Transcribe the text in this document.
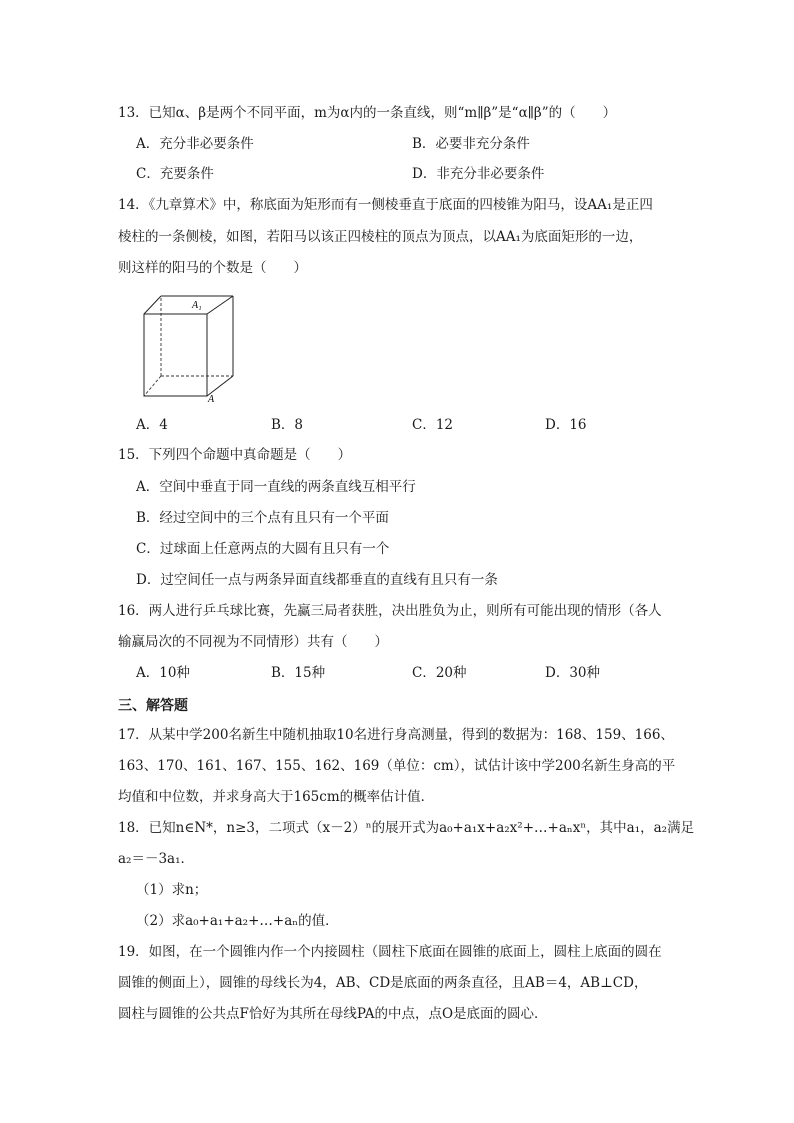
13．已知α、β是两个不同平面，m为α内的一条直线，则“m∥β”是“α∥β”的（　　）
A．充分非必要条件	B．必要非充分条件
C．充要条件	D．非充分非必要条件
14．《九章算术》中，称底面为矩形而有一侧棱垂直于底面的四棱锥为阳马，设AA₁是正四
棱柱的一条侧棱，如图，若阳马以该正四棱柱的顶点为顶点，以AA₁为底面矩形的一边，
则这样的阳马的个数是（　　）
A₁
A
A．4	B．8	C．12	D．16
15．下列四个命题中真命题是（　　）
A．空间中垂直于同一直线的两条直线互相平行
B．经过空间中的三个点有且只有一个平面
C．过球面上任意两点的大圆有且只有一个
D．过空间任一点与两条异面直线都垂直的直线有且只有一条
16．两人进行乒乓球比赛，先赢三局者获胜，决出胜负为止，则所有可能出现的情形（各人
输赢局次的不同视为不同情形）共有（　　）
A．10种	B．15种	C．20种	D．30种
三、解答题
17．从某中学200名新生中随机抽取10名进行身高测量，得到的数据为：168、159、166、
163、170、161、167、155、162、169（单位：cm），试估计该中学200名新生身高的平
均值和中位数，并求身高大于165cm的概率估计值．
18．已知n∈N*，n≥3，二项式（x－2）ⁿ的展开式为a₀+a₁x+a₂x²+…+aₙxⁿ，其中a₁，a₂满足
a₂＝－3a₁．
（1）求n；
（2）求a₀+a₁+a₂+…+aₙ的值．
19．如图，在一个圆锥内作一个内接圆柱（圆柱下底面在圆锥的底面上，圆柱上底面的圆在
圆锥的侧面上），圆锥的母线长为4，AB、CD是底面的两条直径，且AB＝4，AB⊥CD，
圆柱与圆锥的公共点F恰好为其所在母线PA的中点，点O是底面的圆心．
